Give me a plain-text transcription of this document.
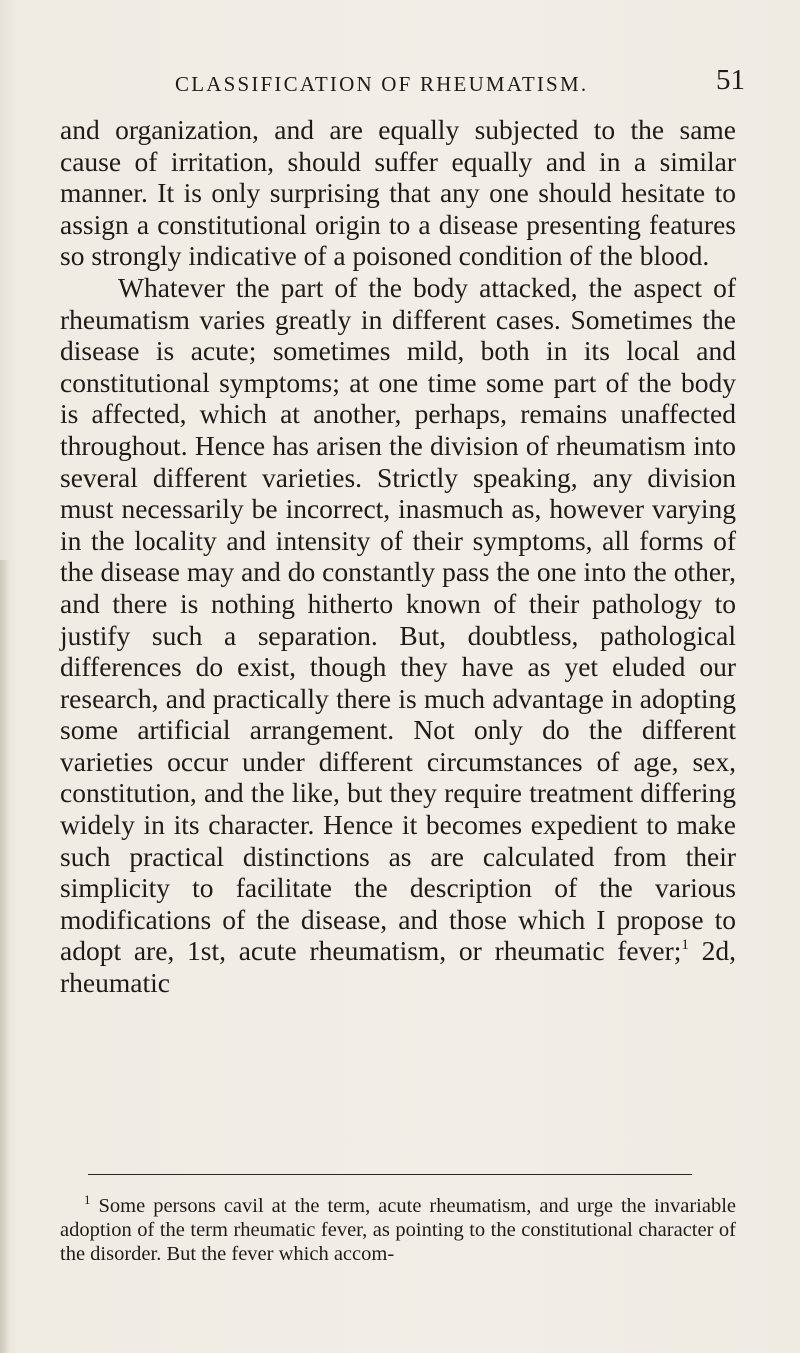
CLASSIFICATION OF RHEUMATISM.	51

and organization, and are equally subjected to the same cause of irritation, should suffer equally and in a similar manner. It is only surprising that any one should hesitate to assign a constitutional origin to a disease presenting features so strongly indicative of a poisoned condition of the blood.

Whatever the part of the body attacked, the aspect of rheumatism varies greatly in different cases. Sometimes the disease is acute; sometimes mild, both in its local and constitutional symptoms; at one time some part of the body is affected, which at another, perhaps, remains unaffected throughout. Hence has arisen the division of rheumatism into several different varieties. Strictly speaking, any division must necessarily be incorrect, inasmuch as, however varying in the locality and intensity of their symptoms, all forms of the disease may and do constantly pass the one into the other, and there is nothing hitherto known of their pathology to justify such a separation. But, doubtless, pathological differences do exist, though they have as yet eluded our research, and practically there is much advantage in adopting some artificial arrangement. Not only do the different varieties occur under different circumstances of age, sex, constitution, and the like, but they require treatment differing widely in its character. Hence it becomes expedient to make such practical distinctions as are calculated from their simplicity to facilitate the description of the various modifications of the disease, and those which I propose to adopt are, 1st, acute rheumatism, or rheumatic fever;$^1$ 2d, rheumatic

$^1$ Some persons cavil at the term, acute rheumatism, and urge the invariable adoption of the term rheumatic fever, as pointing to the constitutional character of the disorder. But the fever which accom-
